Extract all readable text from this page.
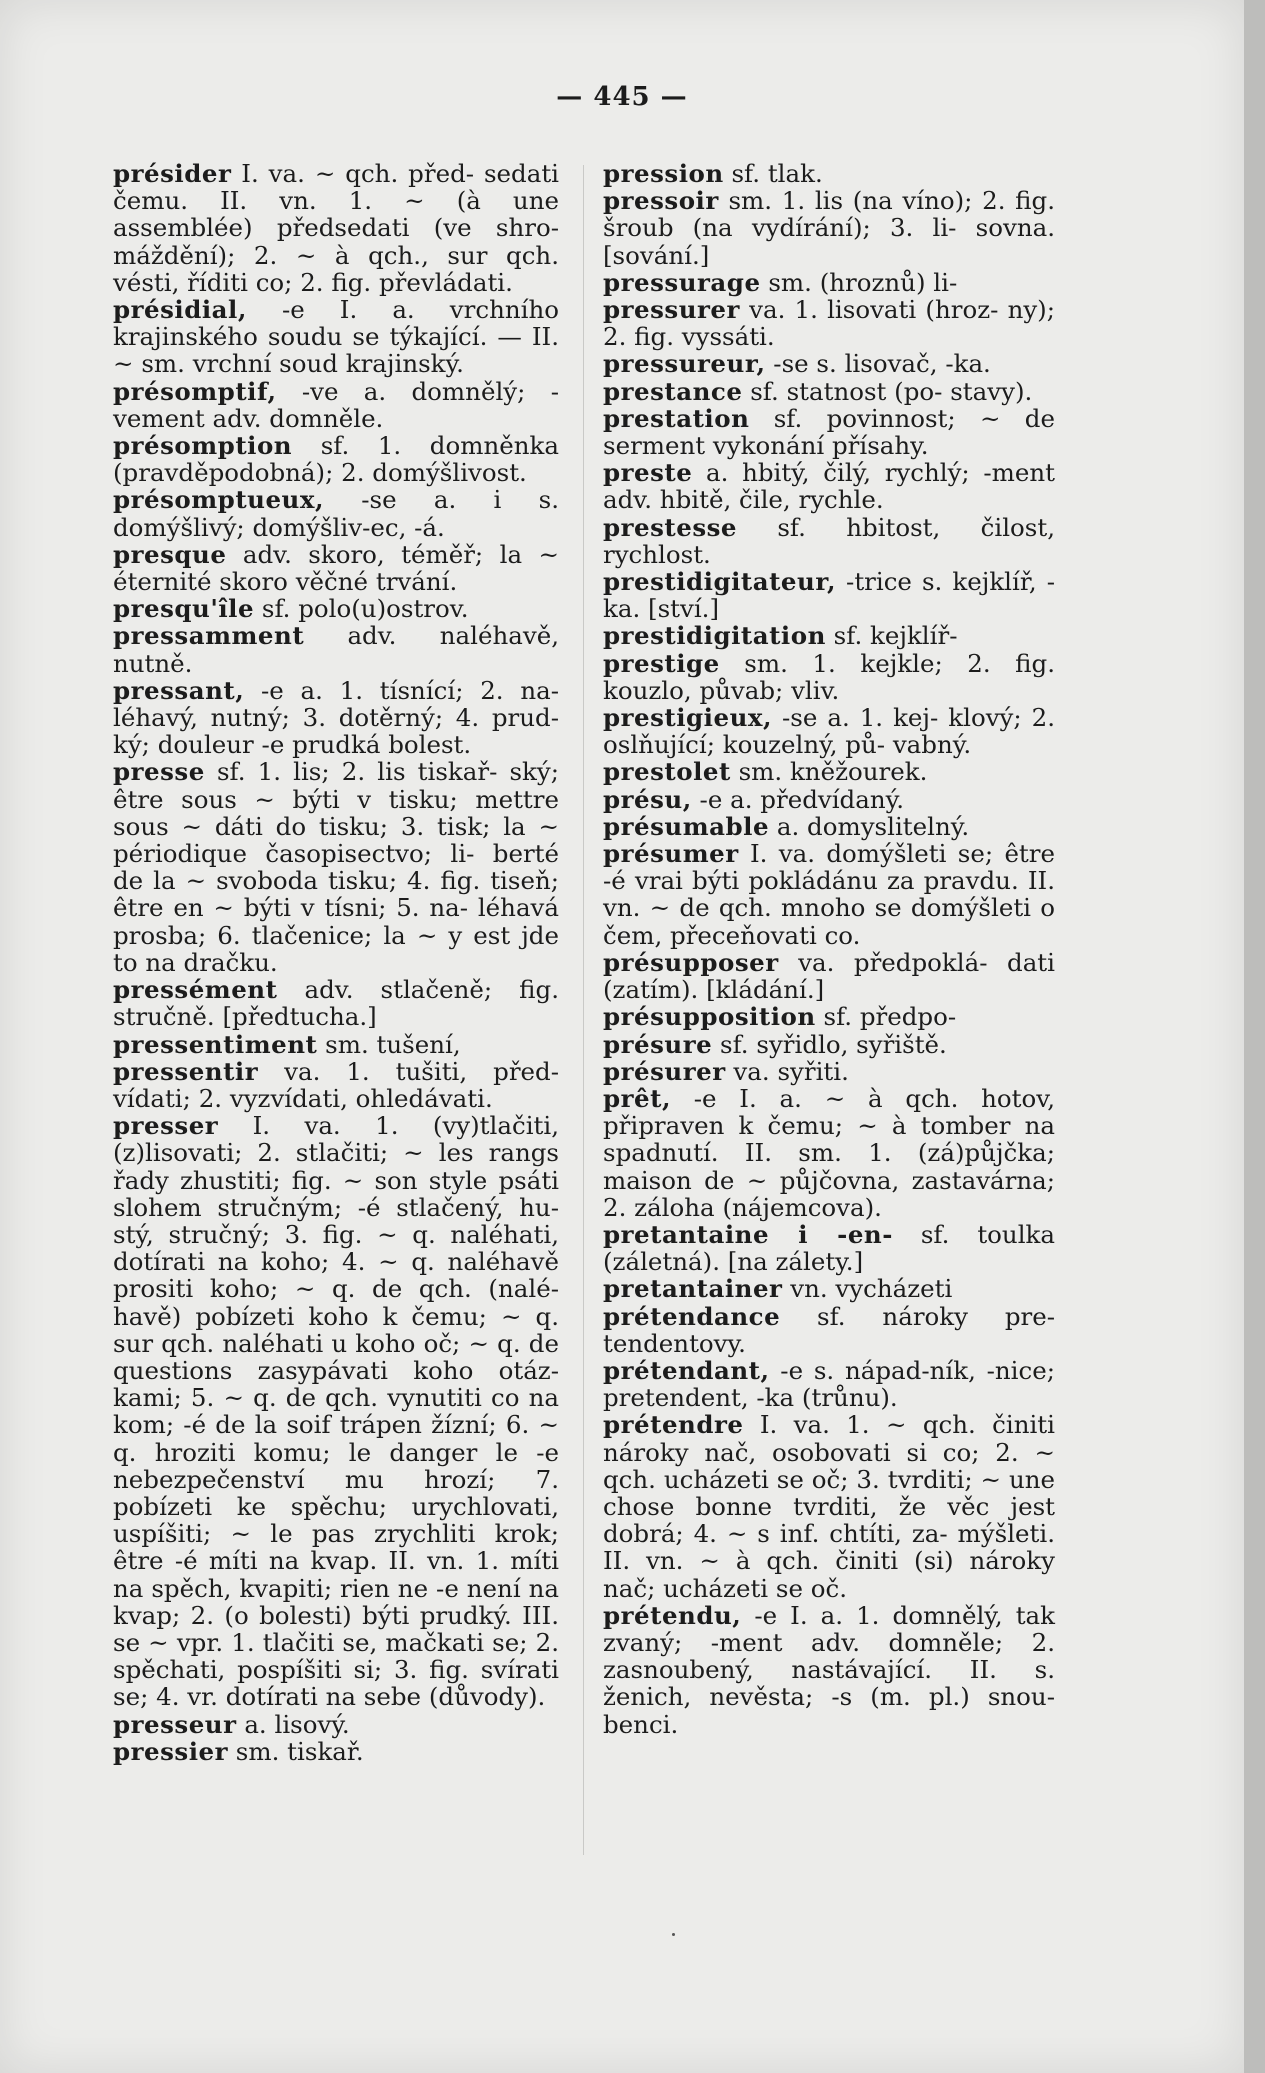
— 445 —

présider I. va. ~ qch. před- sedati čemu. II. vn. 1. ~ (à une assemblée) předsedati (ve shro- máždění); 2. ~ à qch., sur qch. vésti, říditi co; 2. fig. převládati.

présidial, -e I. a. vrchního krajinského soudu se týkající. — II. ~ sm. vrchní soud krajinský.

présomptif, -ve a. domnělý; -vement adv. domněle.

présomption sf. 1. domněnka (pravděpodobná); 2. domýšlivost.

présomptueux, -se a. i s. domýšlivý; domýšliv-ec, -á.

presque adv. skoro, téměř; la ~ éternité skoro věčné trvání.

presqu'île sf. polo(u)ostrov.

pressamment adv. naléhavě, nutně.

pressant, -e a. 1. tísnící; 2. na- léhavý, nutný; 3. dotěrný; 4. prud- ký; douleur -e prudká bolest.

presse sf. 1. lis; 2. lis tiskař- ský; être sous ~ býti v tisku; mettre sous ~ dáti do tisku; 3. tisk; la ~ périodique časopisectvo; li- berté de la ~ svoboda tisku; 4. fig. tiseň; être en ~ býti v tísni; 5. na- léhavá prosba; 6. tlačenice; la ~ y est jde to na dračku.

pressément adv. stlačeně; fig. stručně. [předtucha.]

pressentiment sm. tušení,

pressentir va. 1. tušiti, před- vídati; 2. vyzvídati, ohledávati.

presser I. va. 1. (vy)tlačiti, (z)lisovati; 2. stlačiti; ~ les rangs řady zhustiti; fig. ~ son style psáti slohem stručným; -é stlačený, hu- stý, stručný; 3. fig. ~ q. naléhati, dotírati na koho; 4. ~ q. naléhavě prositi koho; ~ q. de qch. (nalé- havě) pobízeti koho k čemu; ~ q. sur qch. naléhati u koho oč; ~ q. de questions zasypávati koho otáz- kami; 5. ~ q. de qch. vynutiti co na kom; -é de la soif trápen žízní; 6. ~ q. hroziti komu; le danger le -e nebezpečenství mu hrozí; 7. pobízeti ke spěchu; urychlovati, uspíšiti; ~ le pas zrychliti krok; être -é míti na kvap. II. vn. 1. míti na spěch, kvapiti; rien ne -e není na kvap; 2. (o bolesti) býti prudký. III. se ~ vpr. 1. tlačiti se, mačkati se; 2. spěchati, pospíšiti si; 3. fig. svírati se; 4. vr. dotírati na sebe (důvody).

presseur a. lisový.

pressier sm. tiskař.

pression sf. tlak.

pressoir sm. 1. lis (na víno); 2. fig. šroub (na vydírání); 3. li- sovna. [sování.]

pressurage sm. (hroznů) li-

pressurer va. 1. lisovati (hroz- ny); 2. fig. vyssáti.

pressureur, -se s. lisovač, -ka.

prestance sf. statnost (po- stavy).

prestation sf. povinnost; ~ de serment vykonání přísahy.

preste a. hbitý, čilý, rychlý; -ment adv. hbitě, čile, rychle.

prestesse sf. hbitost, čilost, rychlost.

prestidigitateur, -trice s. kejklíř, -ka. [ství.]

prestidigitation sf. kejklíř-

prestige sm. 1. kejkle; 2. fig. kouzlo, půvab; vliv.

prestigieux, -se a. 1. kej- klový; 2. oslňující; kouzelný, pů- vabný.

prestolet sm. kněžourek.

présu, -e a. předvídaný.

présumable a. domyslitelný.

présumer I. va. domýšleti se; être -é vrai býti pokládánu za pravdu. II. vn. ~ de qch. mnoho se domýšleti o čem, přeceňovati co.

présupposer va. předpoklá- dati (zatím). [kládání.]

présupposition sf. předpo-

présure sf. syřidlo, syřiště.

présurer va. syřiti.

prêt, -e I. a. ~ à qch. hotov, připraven k čemu; ~ à tomber na spadnutí. II. sm. 1. (zá)půjčka; maison de ~ půjčovna, zastavárna; 2. záloha (nájemcova).

pretantaine i -en- sf. toulka (záletná). [na zálety.]

pretantainer vn. vycházeti

prétendance sf. nároky pre- tendentovy.

prétendant, -e s. nápad-ník, -nice; pretendent, -ka (trůnu).

prétendre I. va. 1. ~ qch. činiti nároky nač, osobovati si co; 2. ~ qch. ucházeti se oč; 3. tvrditi; ~ une chose bonne tvrditi, že věc jest dobrá; 4. ~ s inf. chtíti, za- mýšleti. II. vn. ~ à qch. činiti (si) nároky nač; ucházeti se oč.

prétendu, -e I. a. 1. domnělý, tak zvaný; -ment adv. domněle; 2. zasnoubený, nastávající. II. s. ženich, nevěsta; -s (m. pl.) snou- benci.
